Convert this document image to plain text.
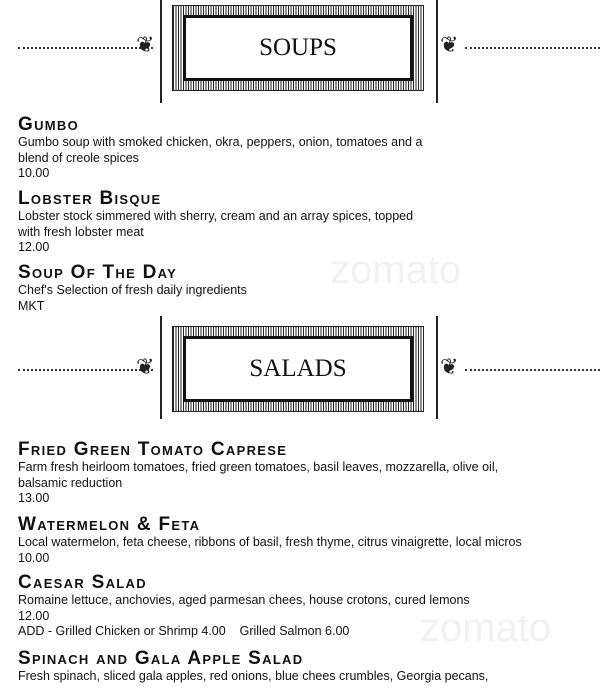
zomato
zomato
❦	❦
SOUPS
Gumbo
Gumbo soup with smoked chicken, okra, peppers, onion, tomatoes and a
blend of creole spices
10.00
Lobster Bisque
Lobster stock simmered with sherry, cream and an array spices, topped
with fresh lobster meat
12.00
Soup Of The Day
Chef's Selection of fresh daily ingredients
MKT
❦	❦
SALADS
Fried Green Tomato Caprese
Farm fresh heirloom tomatoes, fried green tomatoes, basil leaves, mozzarella, olive oil,
balsamic reduction
13.00
Watermelon & Feta
Local watermelon, feta cheese, ribbons of basil, fresh thyme, citrus vinaigrette, local micros
10.00
Caesar Salad
Romaine lettuce, anchovies, aged parmesan chees, house crotons, cured lemons
12.00
ADD - Grilled Chicken or Shrimp 4.00    Grilled Salmon 6.00
Spinach and Gala Apple Salad
Fresh spinach, sliced gala apples, red onions, blue chees crumbles, Georgia pecans,
